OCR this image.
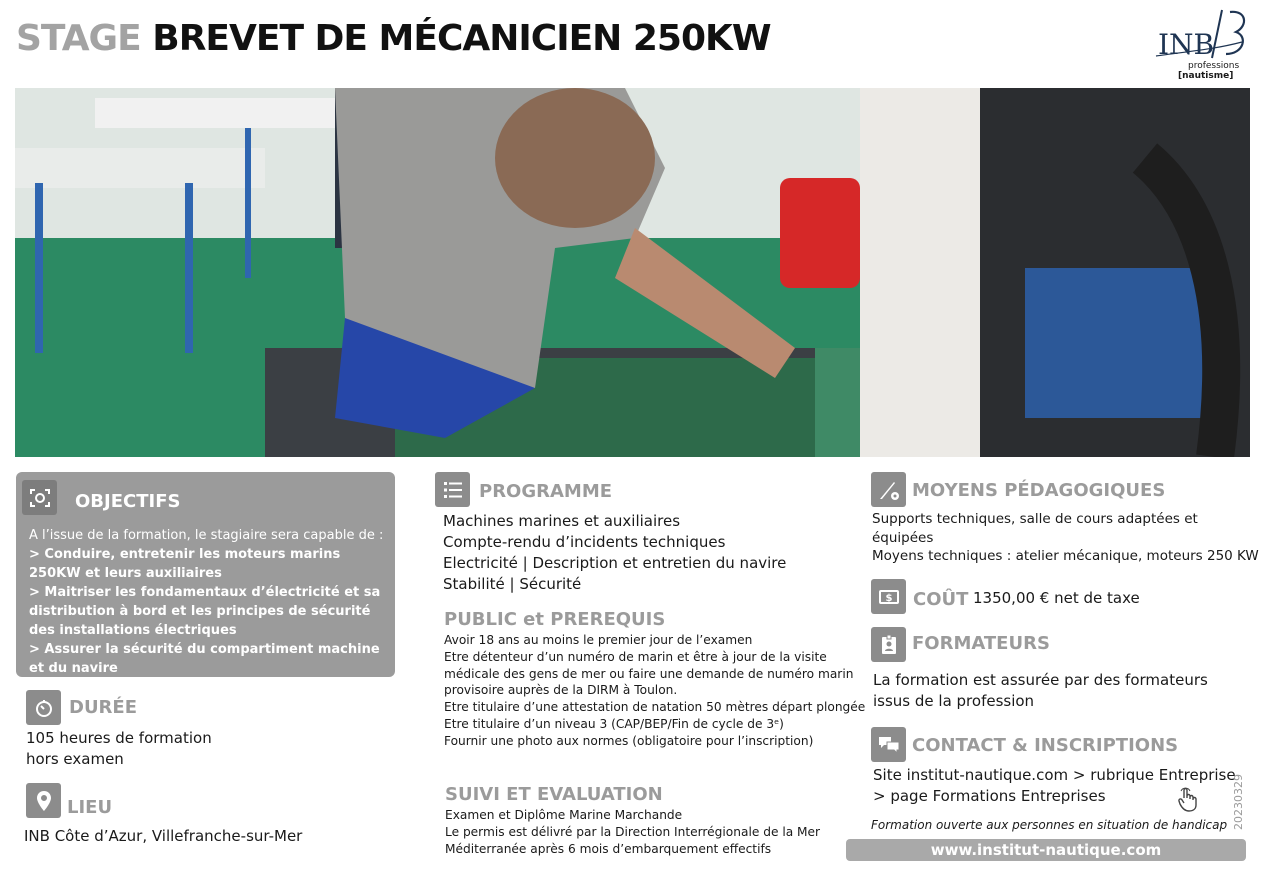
STAGE BREVET DE MÉCANICIEN 250KW	INB
professions
[nautisme]
OBJECTIFS
A l’issue de la formation, le stagiaire sera capable de :
> Conduire, entretenir les moteurs marins 250KW et leurs auxiliaires
> Maitriser les fondamentaux d’électricité et sa distribution à bord et les principes de sécurité des installations électriques
> Assurer la sécurité du compartiment machine et du navire
DURÉE
105 heures de formation
hors examen
LIEU
INB Côte d’Azur, Villefranche-sur-Mer
PROGRAMME
Machines marines et auxiliaires
Compte-rendu d’incidents techniques
Electricité | Description et entretien du navire
Stabilité | Sécurité
PUBLIC et PREREQUIS
Avoir 18 ans au moins le premier jour de l’examen
Etre détenteur d’un numéro de marin et être à jour de la visite
médicale des gens de mer ou faire une demande de numéro marin
provisoire auprès de la DIRM à Toulon.
Etre titulaire d’une attestation de natation 50 mètres départ plongée
Etre titulaire d’un niveau 3 (CAP/BEP/Fin de cycle de 3ᵉ)
Fournir une photo aux normes (obligatoire pour l’inscription)
SUIVI ET EVALUATION
Examen et Diplôme Marine Marchande
Le permis est délivré par la Direction Interrégionale de la Mer
Méditerranée après 6 mois d’embarquement effectifs
MOYENS PÉDAGOGIQUES
Supports techniques, salle de cours adaptées et
équipées
Moyens techniques : atelier mécanique, moteurs 250 KW
$ COÛT 1350,00 € net de taxe
FORMATEURS
La formation est assurée par des formateurs
issus de la profession
CONTACT & INSCRIPTIONS
Site institut-nautique.com > rubrique Entreprise
> page Formations Entreprises
Formation ouverte aux personnes en situation de handicap
www.institut-nautique.com
20230329
